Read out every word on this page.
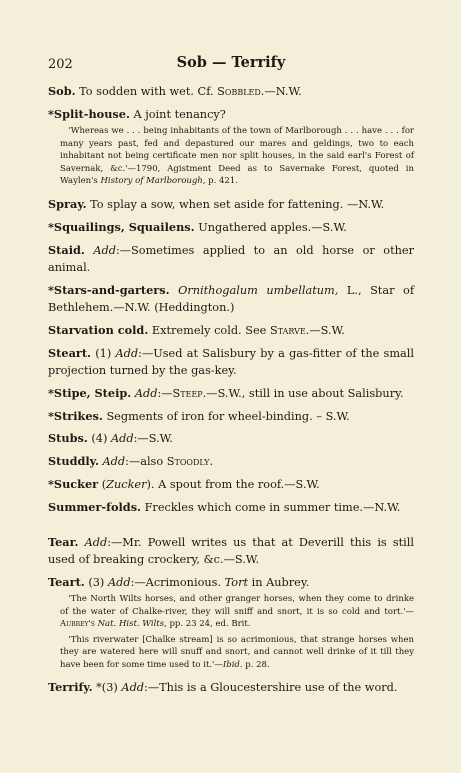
202	Sob — Terrify
Sob. To sodden with wet. Cf. Sobbled.—N.W.
*Split-house. A joint tenancy?

‘Whereas we . . . being inhabitants of the town of Marlborough . . . have . . . for many years past, fed and depastured our mares and geldings, two to each inhabitant not being certificate men nor split houses, in the said earl's Forest of Savernak, &c.'—1790, Agistment Deed as to Savernake Forest, quoted in Waylen's History of Marlborough, p. 421.

Spray. To splay a sow, when set aside for fattening. —N.W.
*Squailings, Squailens. Ungathered apples.—S.W.
Staid. Add:—Sometimes applied to an old horse or other animal.
*Stars-and-garters. Ornithogalum umbellatum, L., Star of Bethlehem.—N.W. (Heddington.)
Starvation cold. Extremely cold. See Starve.—S.W.
Steart. (1) Add:—Used at Salisbury by a gas-fitter of the small projection turned by the gas-key.
*Stipe, Steip. Add:—Steep.—S.W., still in use about Salisbury.
*Strikes. Segments of iron for wheel-binding. – S.W.
Stubs. (4) Add:—S.W.
Studdly. Add:—also Stoodly.
*Sucker (Zucker). A spout from the roof.—S.W.
Summer-folds. Freckles which come in summer time.—N.W.
Tear. Add:—Mr. Powell writes us that at Deverill this is still used of breaking crockery, &c.—S.W.
Teart. (3) Add:—Acrimonious. Tort in Aubrey.

‘The North Wilts horses, and other granger horses, when they come to drinke of the water of Chalke-river, they will sniff and snort, it is so cold and tort.'—Aubrey's Nat. Hist. Wilts, pp. 23 24, ed. Brit.

‘This riverwater [Chalke stream] is so acrimonious, that strange horses when they are watered here will snuff and snort, and cannot well drinke of it till they have been for some time used to it.'—Ibid. p. 28.

Terrify. *(3) Add:—This is a Gloucestershire use of the word.
